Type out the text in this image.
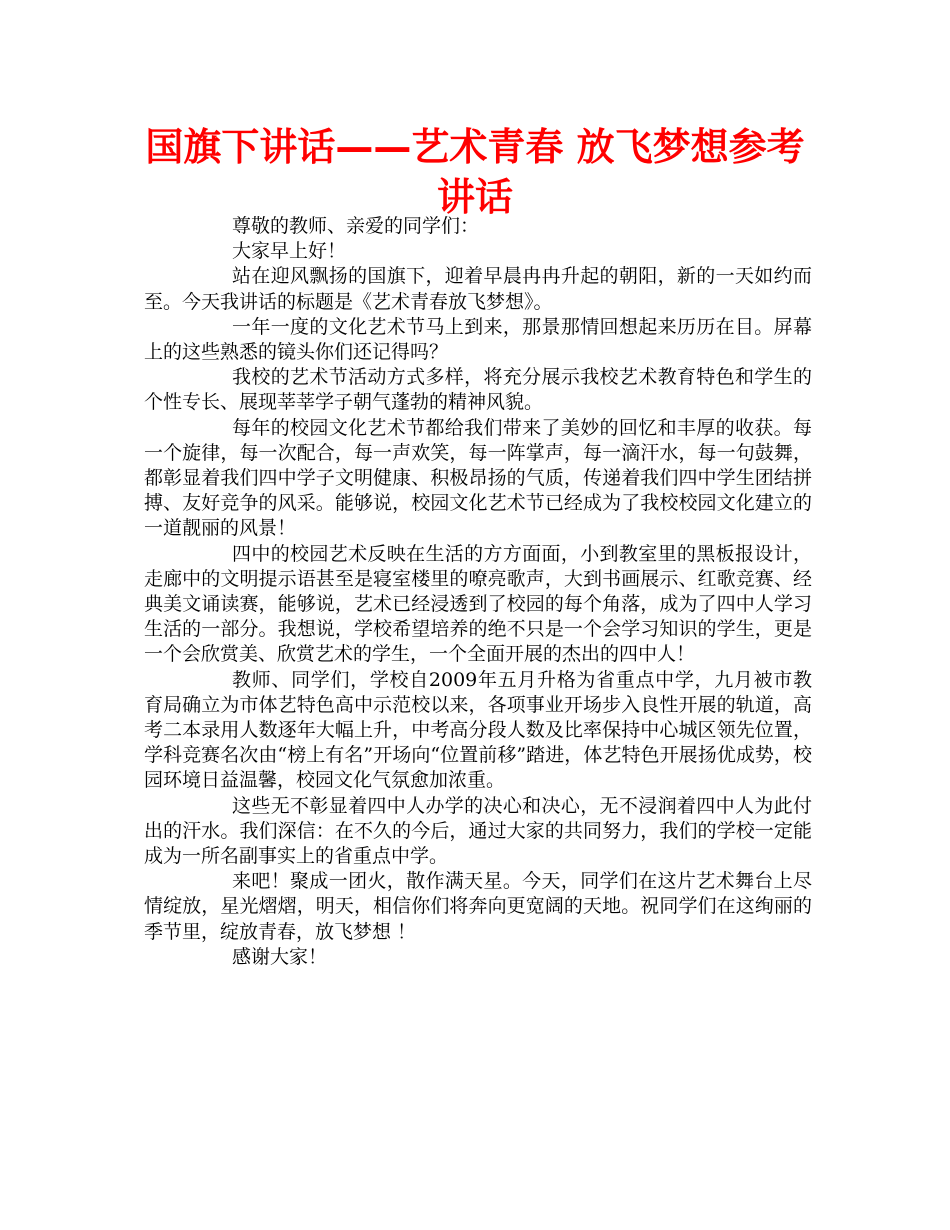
国旗下讲话——艺术青春 放飞梦想参考讲话

尊敬的教师、亲爱的同学们：

大家早上好！

站在迎风飘扬的国旗下，迎着早晨冉冉升起的朝阳，新的一天如约而至。今天我讲话的标题是《艺术青春放飞梦想》。

一年一度的文化艺术节马上到来，那景那情回想起来历历在目。屏幕上的这些熟悉的镜头你们还记得吗？

我校的艺术节活动方式多样，将充分展示我校艺术教育特色和学生的个性专长、展现莘莘学子朝气蓬勃的精神风貌。

每年的校园文化艺术节都给我们带来了美妙的回忆和丰厚的收获。每一个旋律，每一次配合，每一声欢笑，每一阵掌声，每一滴汗水，每一句鼓舞，都彰显着我们四中学子文明健康、积极昂扬的气质，传递着我们四中学生团结拼搏、友好竞争的风采。能够说，校园文化艺术节已经成为了我校校园文化建立的一道靓丽的风景！

四中的校园艺术反映在生活的方方面面，小到教室里的黑板报设计，走廊中的文明提示语甚至是寝室楼里的嘹亮歌声，大到书画展示、红歌竞赛、经典美文诵读赛，能够说，艺术已经浸透到了校园的每个角落，成为了四中人学习生活的一部分。我想说，学校希望培养的绝不只是一个会学习知识的学生，更是一个会欣赏美、欣赏艺术的学生，一个全面开展的杰出的四中人！

教师、同学们，学校自2009年五月升格为省重点中学，九月被市教育局确立为市体艺特色高中示范校以来，各项事业开场步入良性开展的轨道，高考二本录用人数逐年大幅上升，中考高分段人数及比率保持中心城区领先位置，学科竞赛名次由“榜上有名”开场向“位置前移”踏进，体艺特色开展扬优成势，校园环境日益温馨，校园文化气氛愈加浓重。

这些无不彰显着四中人办学的决心和决心，无不浸润着四中人为此付出的汗水。我们深信：在不久的今后，通过大家的共同努力，我们的学校一定能成为一所名副事实上的省重点中学。

来吧！聚成一团火，散作满天星。今天，同学们在这片艺术舞台上尽情绽放，星光熠熠，明天，相信你们将奔向更宽阔的天地。祝同学们在这绚丽的季节里，绽放青春，放飞梦想 ！

感谢大家！
